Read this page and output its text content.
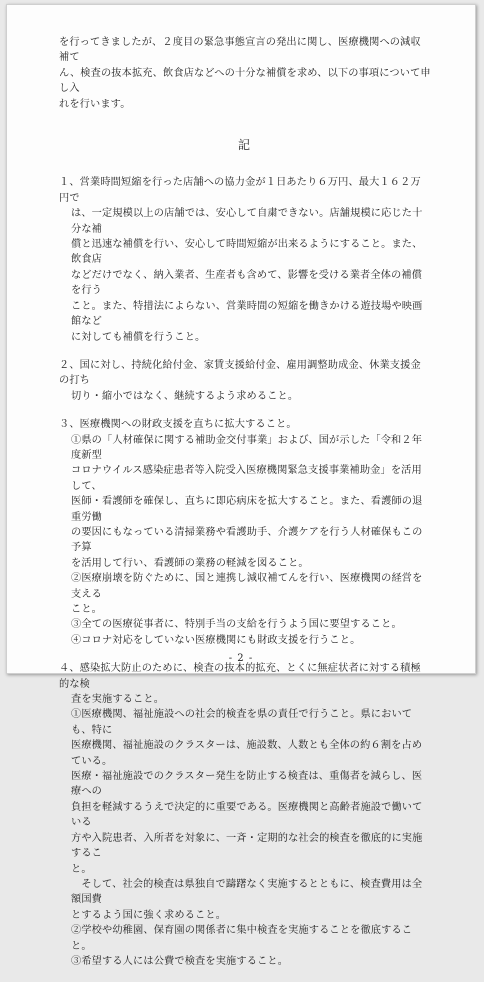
を行ってきましたが、２度目の緊急事態宣言の発出に関し、医療機関への減収補て

ん、検査の抜本拡充、飲食店などへの十分な補償を求め、以下の事項について申し入

れを行います。

記

１、営業時間短縮を行った店舗への協力金が１日あたり６万円、最大１６２万円で

は、一定規模以上の店舗では、安心して自粛できない。店舗規模に応じた十分な補

償と迅速な補償を行い、安心して時間短縮が出来るようにすること。また、飲食店

などだけでなく、納入業者、生産者も含めて、影響を受ける業者全体の補償を行う

こと。また、特措法によらない、営業時間の短縮を働きかける遊技場や映画館など

に対しても補償を行うこと。

２、国に対し、持続化給付金、家賃支援給付金、雇用調整助成金、休業支援金の打ち

切り・縮小ではなく、継続するよう求めること。

３、医療機関への財政支援を直ちに拡大すること。

①県の「人材確保に関する補助金交付事業」および、国が示した「令和２年度新型

コロナウイルス感染症患者等入院受入医療機関緊急支援事業補助金」を活用して、

医師・看護師を確保し、直ちに即応病床を拡大すること。また、看護師の退重労働

の要因にもなっている清掃業務や看護助手、介護ケアを行う人材確保もこの予算

を活用して行い、看護師の業務の軽減を図ること。

②医療崩壊を防ぐために、国と連携し減収補てんを行い、医療機関の経営を支える

こと。

③全ての医療従事者に、特別手当の支給を行うよう国に要望すること。

④コロナ対応をしていない医療機関にも財政支援を行うこと。

４、感染拡大防止のために、検査の抜本的拡充、とくに無症状者に対する積極的な検

査を実施すること。

①医療機関、福祉施設への社会的検査を県の責任で行うこと。県においても、特に

医療機関、福祉施設のクラスターは、施設数、人数とも全体の約６割を占めている。

医療・福祉施設でのクラスター発生を防止する検査は、重傷者を減らし、医療への

負担を軽減するうえで決定的に重要である。医療機関と高齢者施設で働いている

方や入院患者、入所者を対象に、一斉・定期的な社会的検査を徹底的に実施するこ

と。

　そして、社会的検査は県独自で躊躇なく実施するとともに、検査費用は全額国費

とするよう国に強く求めること。

②学校や幼稚園、保育園の関係者に集中検査を実施することを徹底すること。

③希望する人には公費で検査を実施すること。

- 2 -
